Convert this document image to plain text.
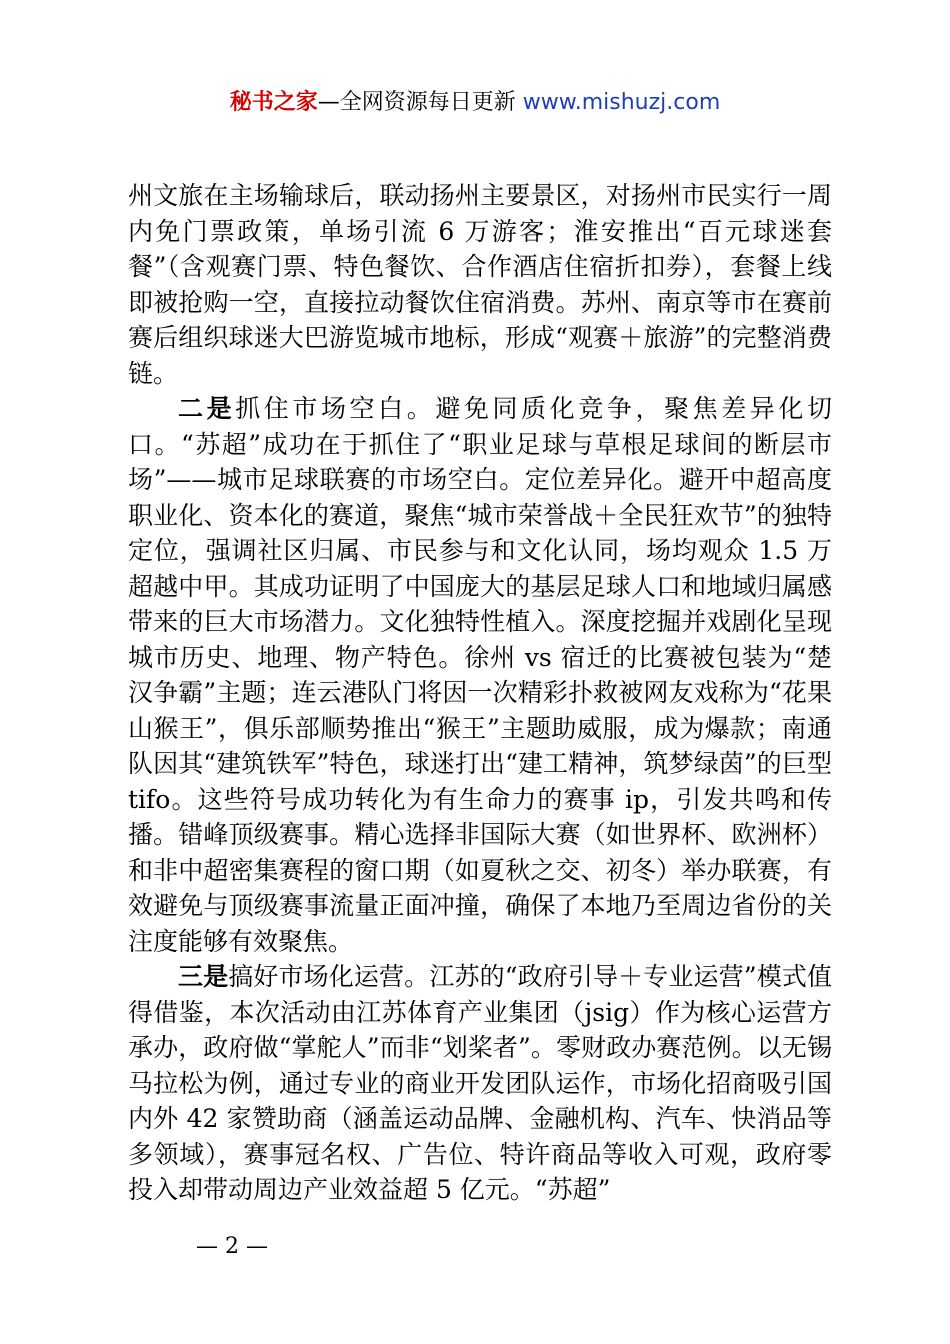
秘书之家—全网资源每日更新 www.mishuzj.com

州文旅在主场输球后，联动扬州主要景区，对扬州市民实行一周内免门票政策，单场引流 6 万游客；淮安推出“百元球迷套餐”（含观赛门票、特色餐饮、合作酒店住宿折扣券），套餐上线即被抢购一空，直接拉动餐饮住宿消费。苏州、南京等市在赛前赛后组织球迷大巴游览城市地标，形成“观赛＋旅游”的完整消费链。

二是抓住市场空白。避免同质化竞争，聚焦差异化切口。“苏超”成功在于抓住了“职业足球与草根足球间的断层市场”——城市足球联赛的市场空白。定位差异化。避开中超高度职业化、资本化的赛道，聚焦“城市荣誉战＋全民狂欢节”的独特定位，强调社区归属、市民参与和文化认同，场均观众 1.5 万超越中甲。其成功证明了中国庞大的基层足球人口和地域归属感带来的巨大市场潜力。文化独特性植入。深度挖掘并戏剧化呈现城市历史、地理、物产特色。徐州 vs 宿迁的比赛被包装为“楚汉争霸”主题；连云港队门将因一次精彩扑救被网友戏称为“花果山猴王”，俱乐部顺势推出“猴王”主题助威服，成为爆款；南通队因其“建筑铁军”特色，球迷打出“建工精神，筑梦绿茵”的巨型 tifo。这些符号成功转化为有生命力的赛事 ip，引发共鸣和传播。错峰顶级赛事。精心选择非国际大赛（如世界杯、欧洲杯）和非中超密集赛程的窗口期（如夏秋之交、初冬）举办联赛，有效避免与顶级赛事流量正面冲撞，确保了本地乃至周边省份的关注度能够有效聚焦。

三是搞好市场化运营。江苏的“政府引导＋专业运营”模式值得借鉴，本次活动由江苏体育产业集团（jsig）作为核心运营方承办，政府做“掌舵人”而非“划桨者”。零财政办赛范例。以无锡马拉松为例，通过专业的商业开发团队运作，市场化招商吸引国内外 42 家赞助商（涵盖运动品牌、金融机构、汽车、快消品等多领域），赛事冠名权、广告位、特许商品等收入可观，政府零投入却带动周边产业效益超 5 亿元。“苏超”

— 2 —
